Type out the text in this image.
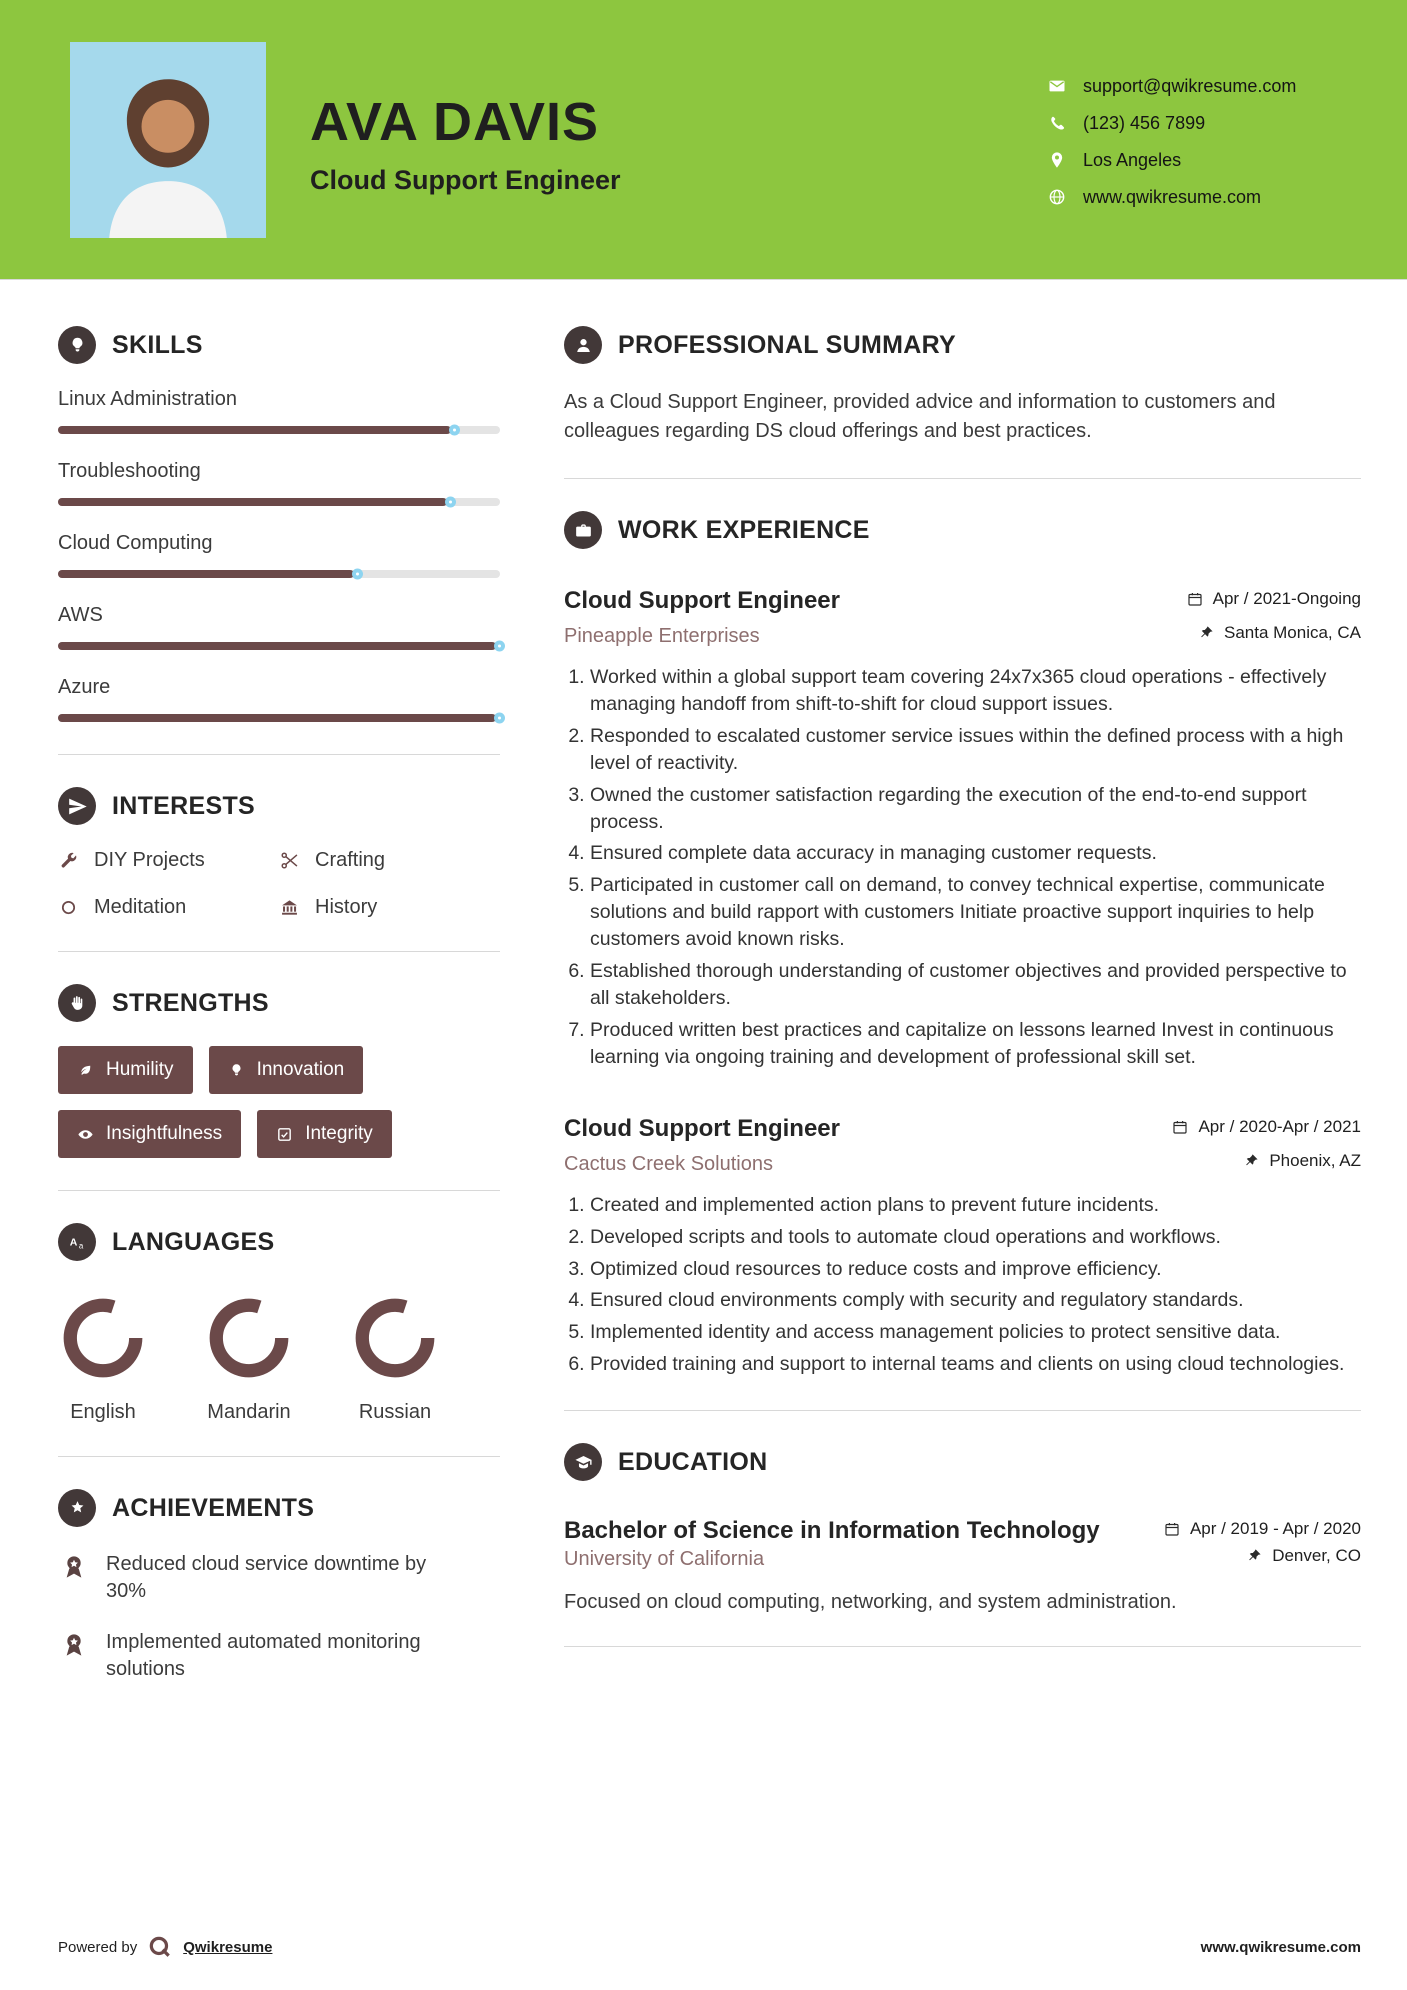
AVA DAVIS
Cloud Support Engineer
support@qwikresume.com
(123) 456 7899
Los Angeles
www.qwikresume.com
SKILLS
Linux Administration
Troubleshooting
Cloud Computing
AWS
Azure
INTERESTS
DIY Projects	Crafting
Meditation	History
STRENGTHS
Humility	Innovation
Insightfulness	Integrity
A a LANGUAGES
English	Mandarin	Russian
ACHIEVEMENTS
Reduced cloud service downtime by 30%
Implemented automated monitoring solutions
PROFESSIONAL SUMMARY

As a Cloud Support Engineer, provided advice and information to customers and colleagues regarding DS cloud offerings and best practices.

WORK EXPERIENCE
Cloud Support Engineer	Apr / 2021-Ongoing
Pineapple Enterprises	Santa Monica, CA
1. Worked within a global support team covering 24x7x365 cloud operations - effectively managing handoff from shift-to-shift for cloud support issues.
2. Responded to escalated customer service issues within the defined process with a high level of reactivity.
3. Owned the customer satisfaction regarding the execution of the end-to-end support process.
4. Ensured complete data accuracy in managing customer requests.
5. Participated in customer call on demand, to convey technical expertise, communicate solutions and build rapport with customers Initiate proactive support inquiries to help customers avoid known risks.
6. Established thorough understanding of customer objectives and provided perspective to all stakeholders.
7. Produced written best practices and capitalize on lessons learned Invest in continuous learning via ongoing training and development of professional skill set.
Cloud Support Engineer	Apr / 2020-Apr / 2021
Cactus Creek Solutions	Phoenix, AZ
1. Created and implemented action plans to prevent future incidents.
2. Developed scripts and tools to automate cloud operations and workflows.
3. Optimized cloud resources to reduce costs and improve efficiency.
4. Ensured cloud environments comply with security and regulatory standards.
5. Implemented identity and access management policies to protect sensitive data.
6. Provided training and support to internal teams and clients on using cloud technologies.
EDUCATION
Bachelor of Science in Information Technology	Apr / 2019 - Apr / 2020
University of California	Denver, CO

Focused on cloud computing, networking, and system administration.

Powered by	Qwikresume	www.qwikresume.com
